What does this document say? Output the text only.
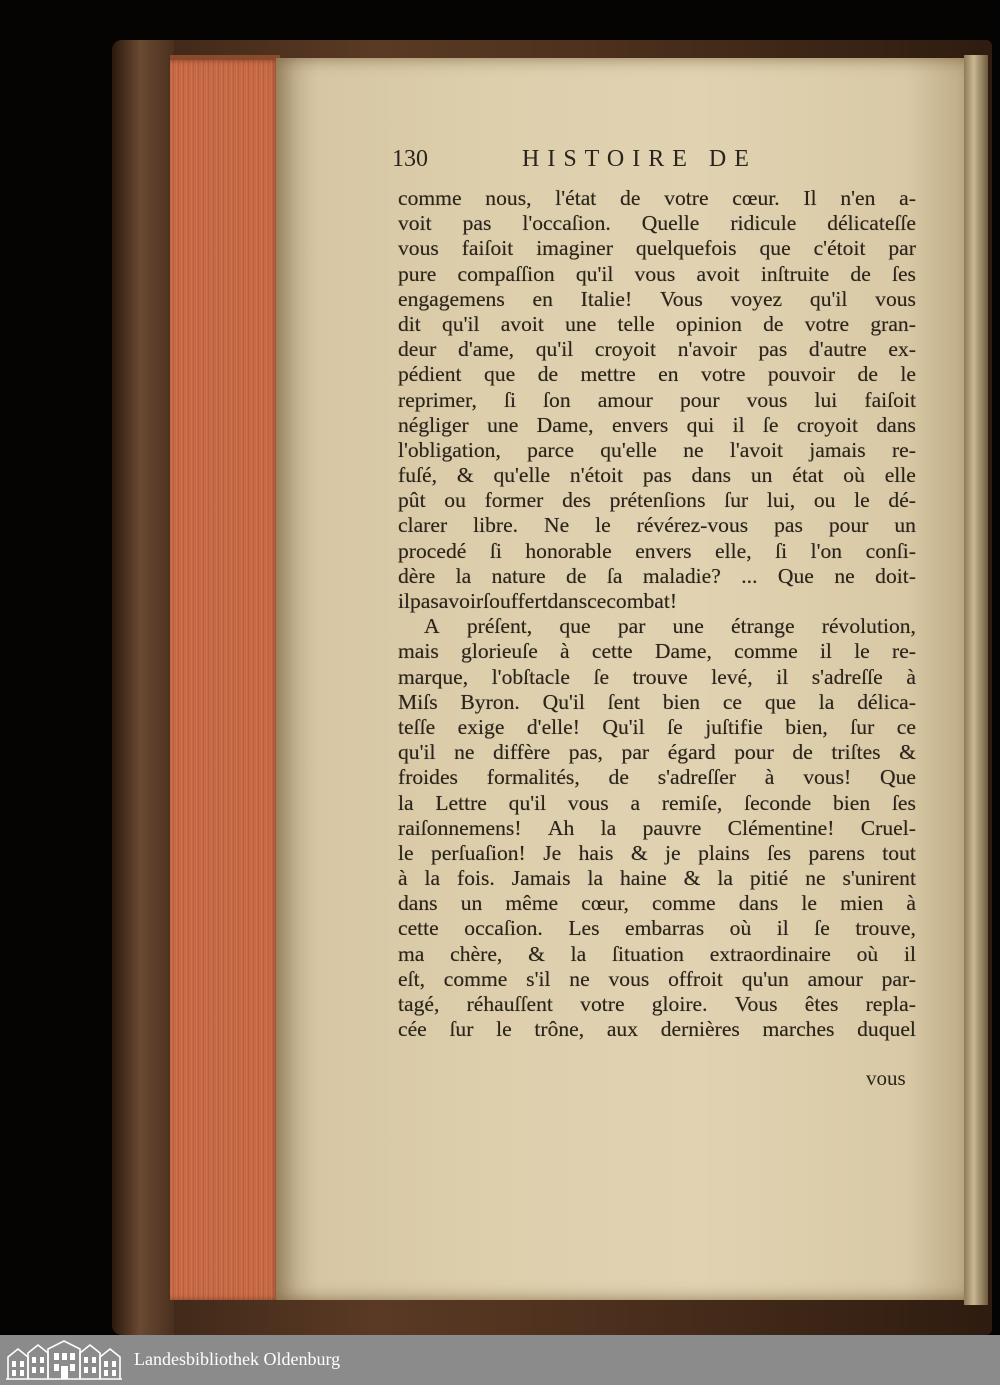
130	HISTOIRE DE
comme nous, l'état de votre cœur. Il n'en a-
voit pas l'occaſion. Quelle ridicule délicateſſe
vous faiſoit imaginer quelquefois que c'étoit par
pure compaſſion qu'il vous avoit inſtruite de ſes
engagemens en Italie! Vous voyez qu'il vous
dit qu'il avoit une telle opinion de votre gran-
deur d'ame, qu'il croyoit n'avoir pas d'autre ex-
pédient que de mettre en votre pouvoir de le
reprimer, ſi ſon amour pour vous lui faiſoit
négliger une Dame, envers qui il ſe croyoit dans
l'obligation, parce qu'elle ne l'avoit jamais re-
fuſé, & qu'elle n'étoit pas dans un état où elle
pût ou former des prétenſions ſur lui, ou le dé-
clarer libre. Ne le révérez-vous pas pour un
procedé ſi honorable envers elle, ſi l'on conſi-
dère la nature de ſa maladie? ... Que ne doit-
il pas avoir ſouffert dans ce combat!
A préſent, que par une étrange révolution,
mais glorieuſe à cette Dame, comme il le re-
marque, l'obſtacle ſe trouve levé, il s'adreſſe à
Miſs Byron. Qu'il ſent bien ce que la délica-
teſſe exige d'elle! Qu'il ſe juſtifie bien, ſur ce
qu'il ne diffère pas, par égard pour de triſtes &
froides formalités, de s'adreſſer à vous! Que
la Lettre qu'il vous a remiſe, ſeconde bien ſes
raiſonnemens! Ah la pauvre Clémentine! Cruel-
le perſuaſion! Je hais & je plains ſes parens tout
à la fois. Jamais la haine & la pitié ne s'unirent
dans un même cœur, comme dans le mien à
cette occaſion. Les embarras où il ſe trouve,
ma chère, & la ſituation extraordinaire où il
eſt, comme s'il ne vous offroit qu'un amour par-
tagé, réhauſſent votre gloire. Vous êtes repla-
cée ſur le trône, aux dernières marches duquel
vous
Landesbibliothek Oldenburg
